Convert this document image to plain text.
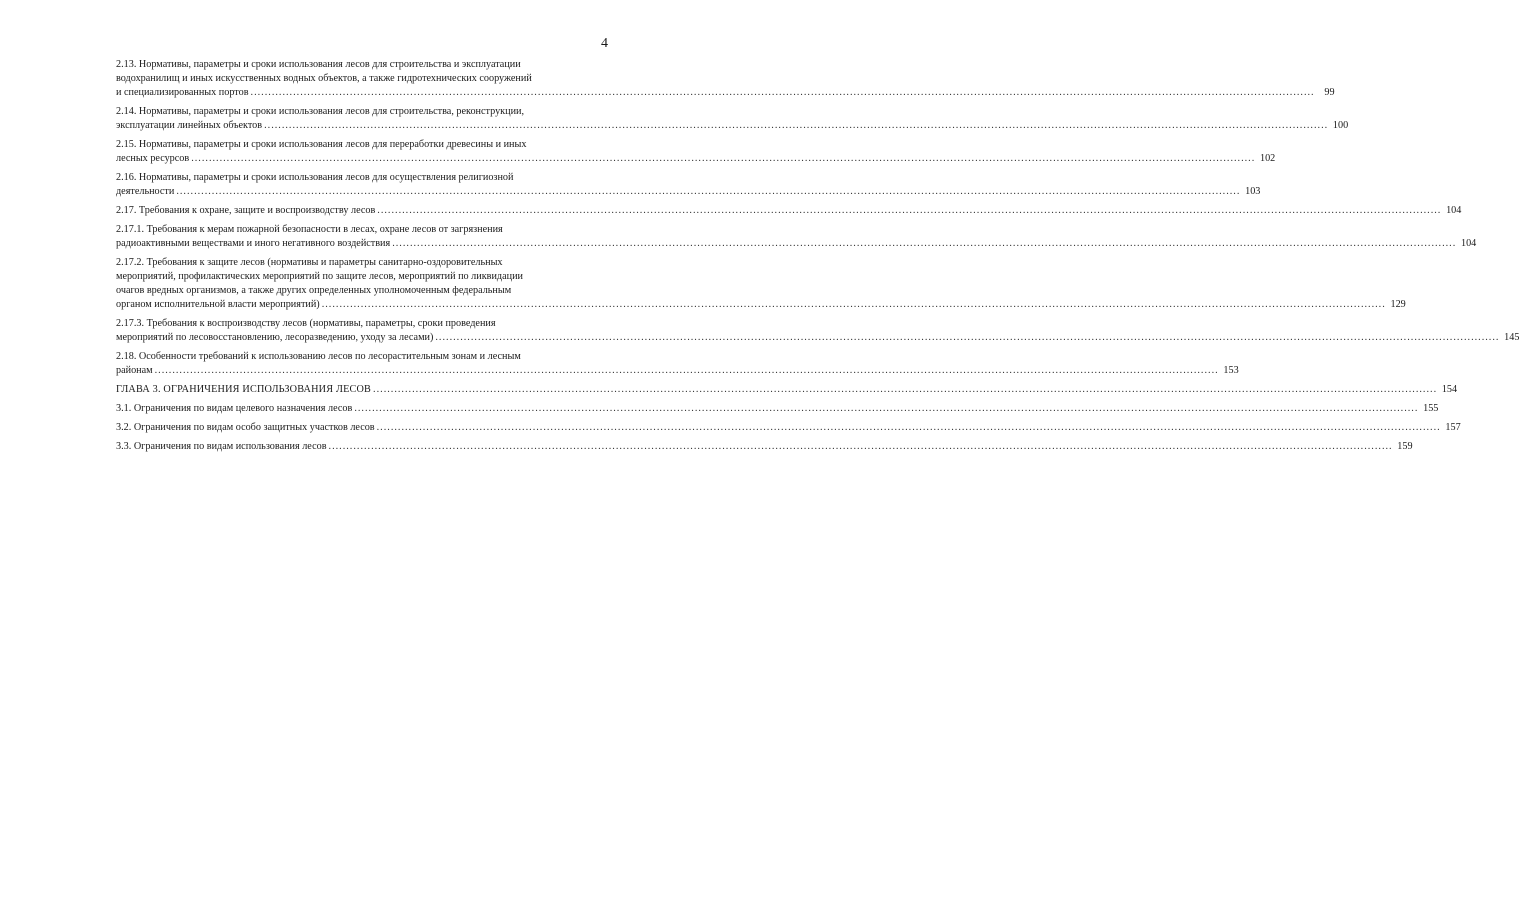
4
2.13. Нормативы, параметры и сроки использования лесов для строительства и эксплуатации
водохранилищ и иных искусственных водных объектов, а также гидротехнических сооружений
и специализированных портов ............................................................................................................................................................................................................................................................................................................ 99
2.14. Нормативы, параметры и сроки использования лесов для строительства, реконструкции,
эксплуатации линейных объектов ............................................................................................................................................................................................................................................................................................................ 100
2.15. Нормативы, параметры и сроки использования лесов для переработки древесины и иных
лесных ресурсов ............................................................................................................................................................................................................................................................................................................ 102
2.16. Нормативы, параметры и сроки использования лесов для осуществления религиозной
деятельности ............................................................................................................................................................................................................................................................................................................ 103
2.17. Требования к охране, защите и воспроизводству лесов ............................................................................................................................................................................................................................................................................................................ 104
2.17.1. Требования к мерам пожарной безопасности в лесах, охране лесов от загрязнения
радиоактивными веществами и иного негативного воздействия ............................................................................................................................................................................................................................................................................................................ 104
2.17.2. Требования к защите лесов (нормативы и параметры санитарно-оздоровительных
мероприятий, профилактических мероприятий по защите лесов, мероприятий по ликвидации
очагов вредных организмов, а также других определенных уполномоченным федеральным
органом исполнительной власти мероприятий) ............................................................................................................................................................................................................................................................................................................ 129
2.17.3. Требования к воспроизводству лесов (нормативы, параметры, сроки проведения
мероприятий по лесовосстановлению, лесоразведению, уходу за лесами) ............................................................................................................................................................................................................................................................................................................ 145
2.18. Особенности требований к использованию лесов по лесорастительным зонам и лесным
районам ............................................................................................................................................................................................................................................................................................................ 153
ГЛАВА 3. ОГРАНИЧЕНИЯ ИСПОЛЬЗОВАНИЯ ЛЕСОВ ............................................................................................................................................................................................................................................................................................................ 154
3.1. Ограничения по видам целевого назначения лесов ............................................................................................................................................................................................................................................................................................................ 155
3.2. Ограничения по видам особо защитных участков лесов ............................................................................................................................................................................................................................................................................................................ 157
3.3. Ограничения по видам использования лесов ............................................................................................................................................................................................................................................................................................................ 159
